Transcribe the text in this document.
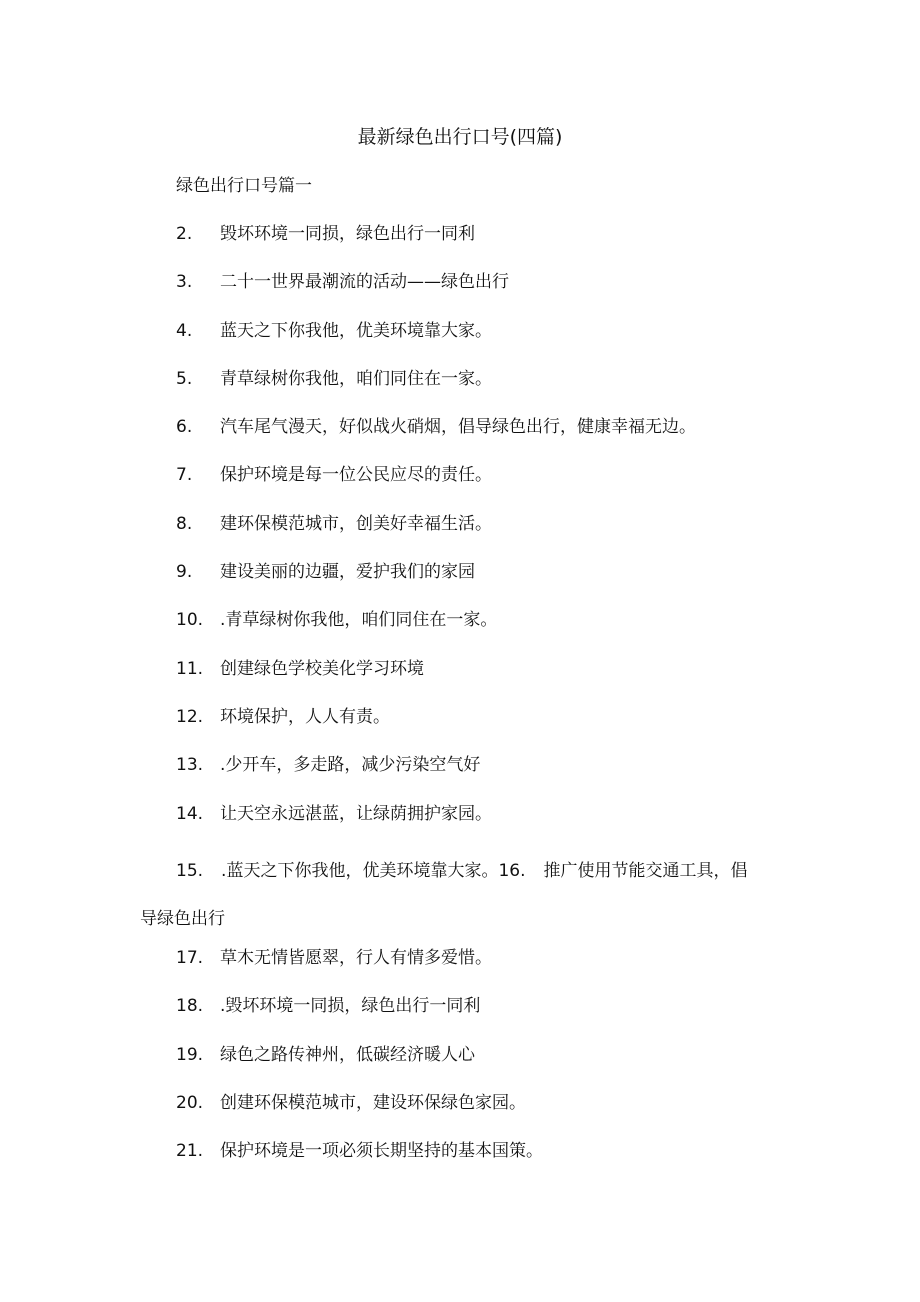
最新绿色出行口号(四篇)
绿色出行口号篇一
2.	毁坏环境一同损，绿色出行一同利
3.	二十一世界最潮流的活动——绿色出行
4.	蓝天之下你我他，优美环境靠大家。
5.	青草绿树你我他，咱们同住在一家。
6.	汽车尾气漫天，好似战火硝烟，倡导绿色出行，健康幸福无边。
7.	保护环境是每一位公民应尽的责任。
8.	建环保模范城市，创美好幸福生活。
9.	建设美丽的边疆，爱护我们的家园
10. .青草绿树你我他，咱们同住在一家。
11. 创建绿色学校美化学习环境
12. 环境保护，人人有责。
13. .少开车，多走路，减少污染空气好
14. 让天空永远湛蓝，让绿荫拥护家园。
15. .蓝天之下你我他，优美环境靠大家。16. 推广使用节能交通工具，倡
导绿色出行
17. 草木无情皆愿翠，行人有情多爱惜。
18. .毁坏环境一同损，绿色出行一同利
19. 绿色之路传神州，低碳经济暖人心
20. 创建环保模范城市，建设环保绿色家园。
21. 保护环境是一项必须长期坚持的基本国策。
